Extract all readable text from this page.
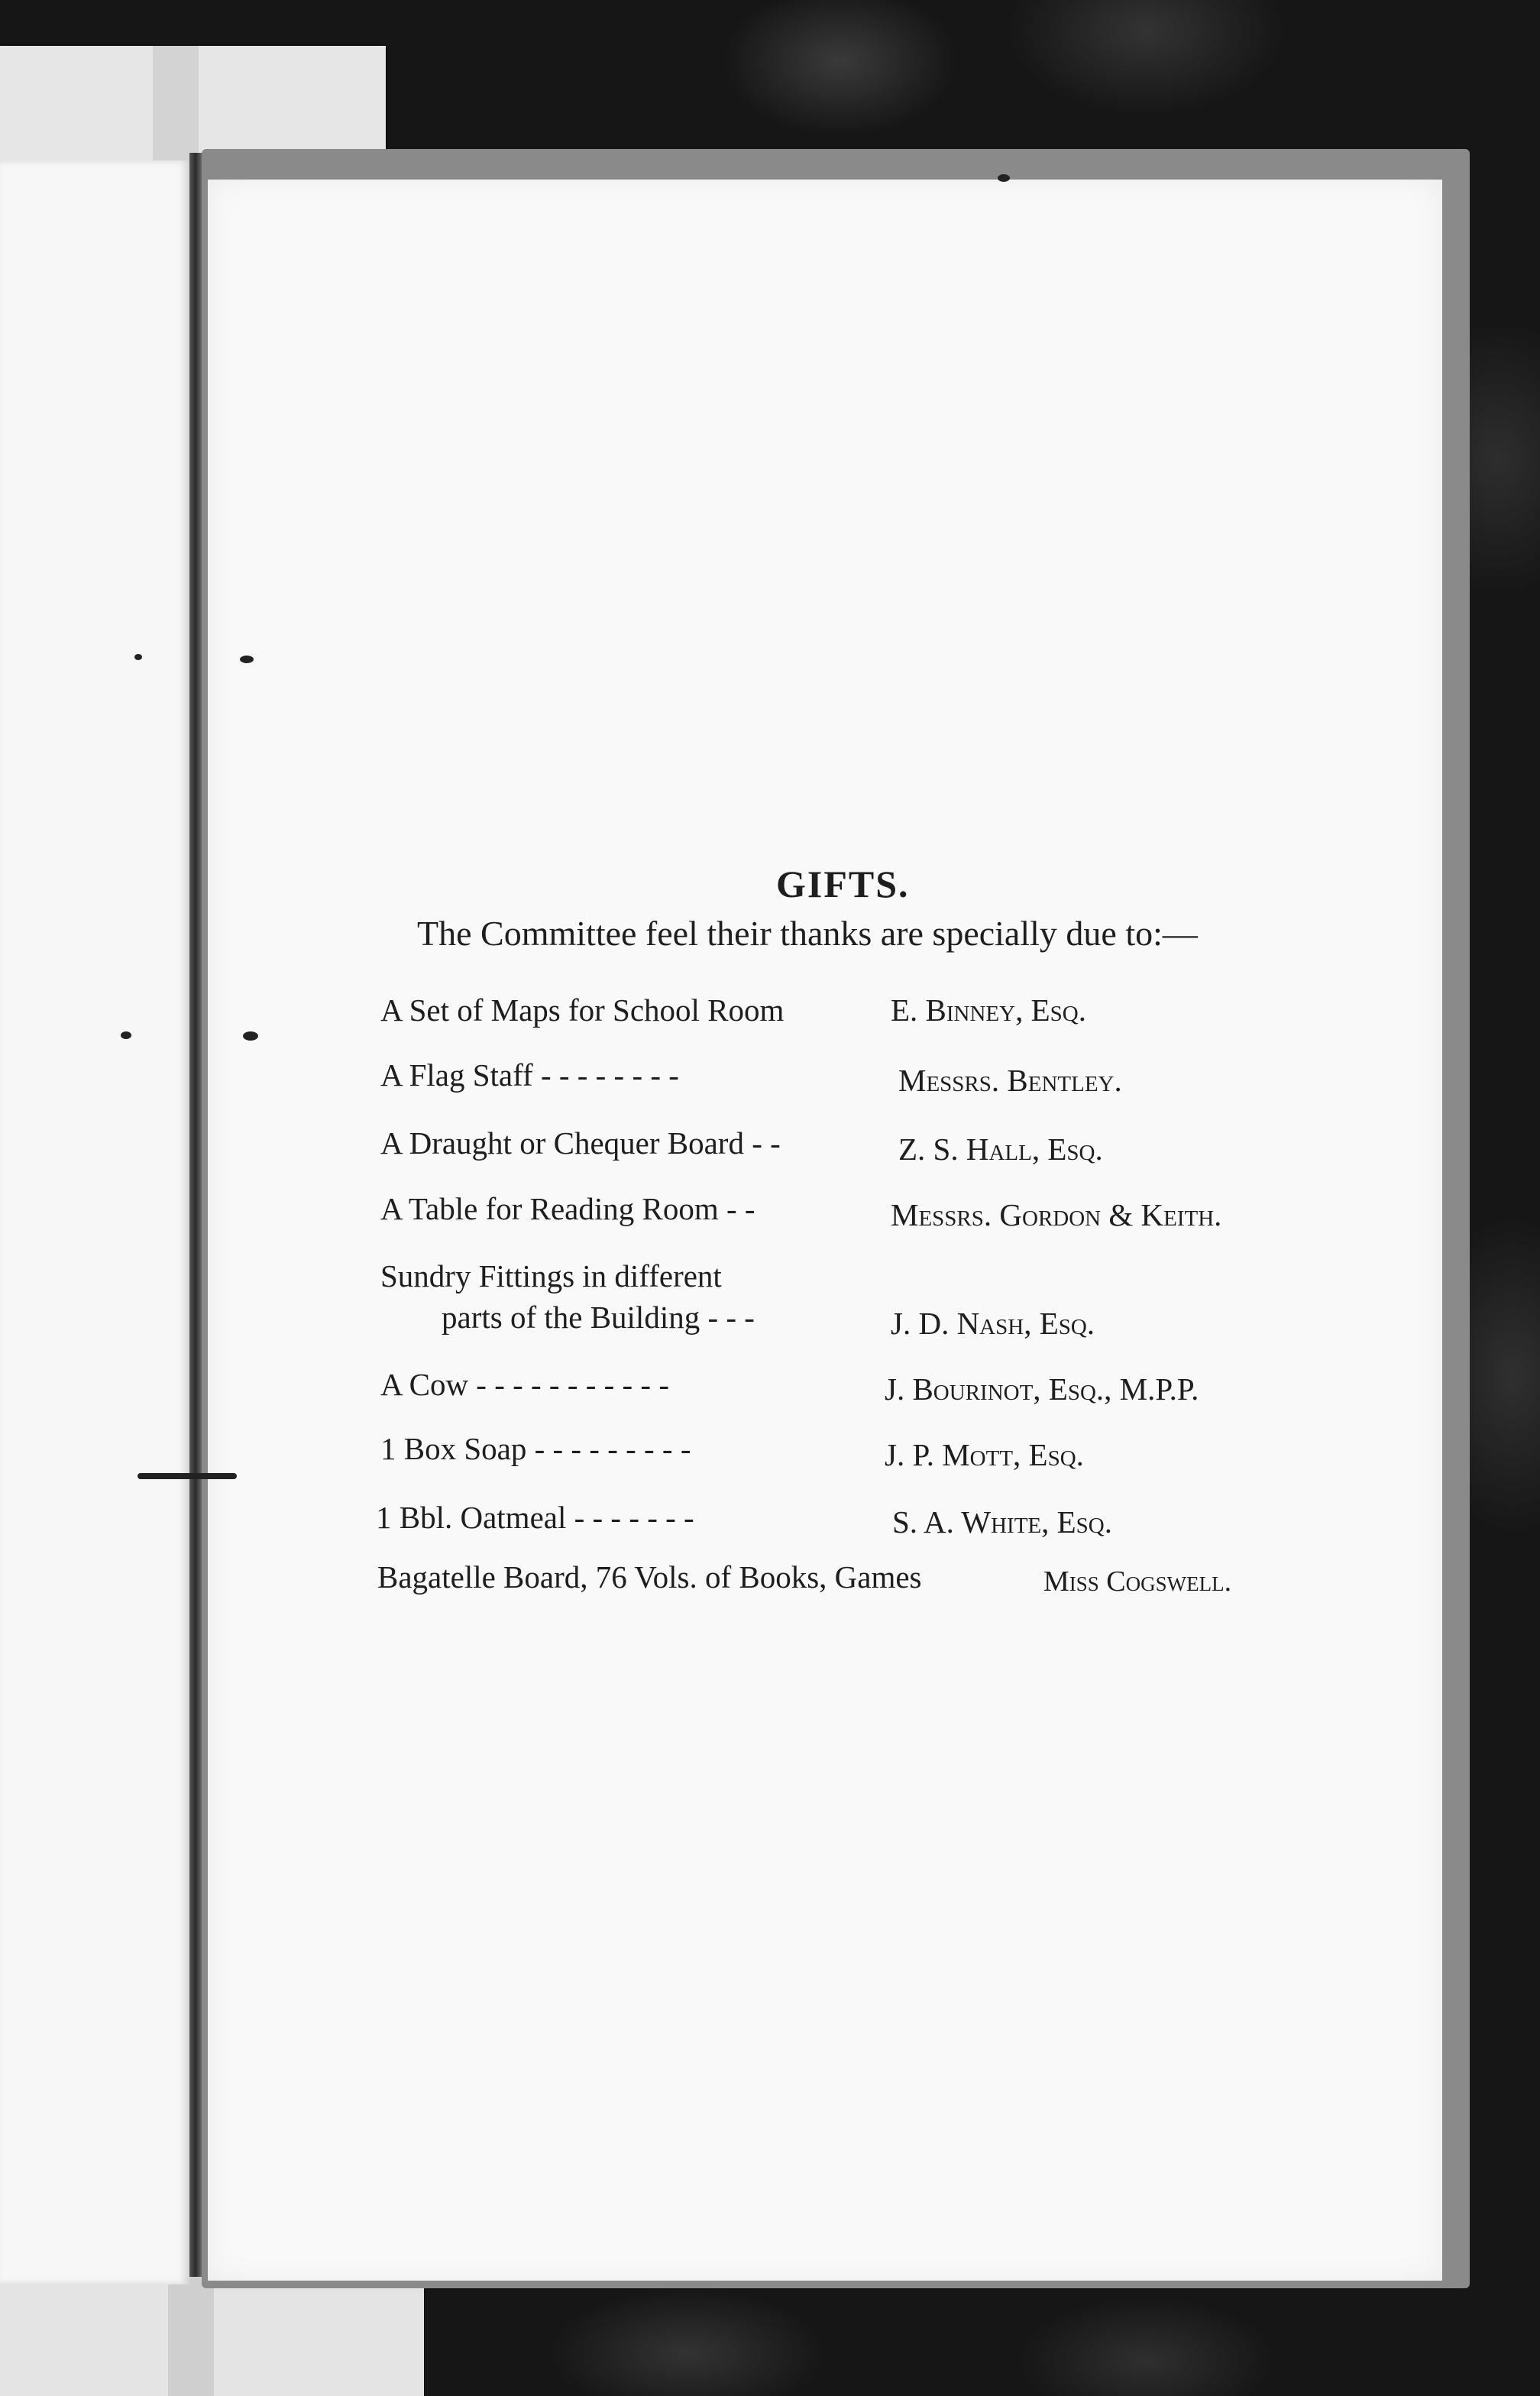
GIFTS.
The Committee feel their thanks are specially due to:—
A Set of Maps for School Room	E. Binney, Esq.
A Flag Staff - - - - - - - -	Messrs. Bentley.
A Draught or Chequer Board - -	Z. S. Hall, Esq.
A Table for Reading Room - -	Messrs. Gordon & Keith.
Sundry Fittings in different
parts of the Building - - -	J. D. Nash, Esq.
A Cow - - - - - - - - - - -	J. Bourinot, Esq., M.P.P.
1 Box Soap - - - - - - - - -	J. P. Mott, Esq.
1 Bbl. Oatmeal - - - - - - -	S. A. White, Esq.
Bagatelle Board, 76 Vols. of Books, Games	Miss Cogswell.
